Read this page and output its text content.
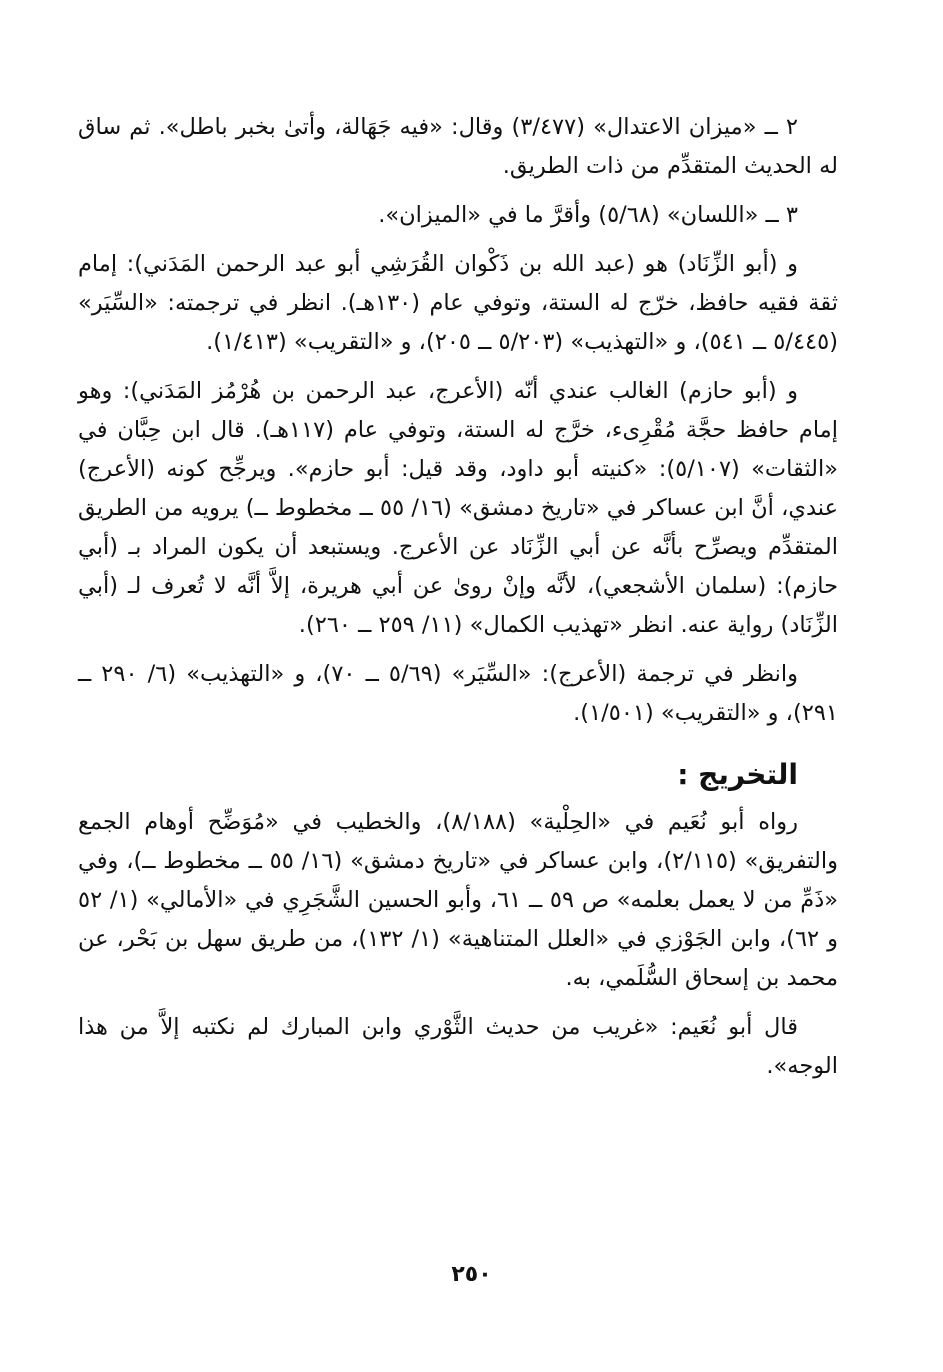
٢ ــ «ميزان الاعتدال» (٣/٤٧٧) وقال: «فيه جَهَالة، وأتىٰ بخبر باطل». ثم ساق له الحديث المتقدِّم من ذات الطريق.

٣ ــ «اللسان» (٥/٦٨) وأقرَّ ما في «الميزان».

و (أبو الزِّنَاد) هو (عبد الله بن ذَكْوان القُرَشِي أبو عبد الرحمن المَدَني): إمام ثقة فقيه حافظ، خرّج له الستة، وتوفي عام (١٣٠هـ). انظر في ترجمته: «السِّيَر» (٥/٤٤٥ ــ ٥٤١)، و «التهذيب» (٥/٢٠٣ ــ ٢٠٥)، و «التقريب» (١/٤١٣).

و (أبو حازم) الغالب عندي أنّه (الأعرج، عبد الرحمن بن هُرْمُز المَدَني): وهو إمام حافظ حجَّة مُقْرِىء، خرَّج له الستة، وتوفي عام (١١٧هـ). قال ابن حِبَّان في «الثقات» (٥/١٠٧): «كنيته أبو داود، وقد قيل: أبو حازم». ويرجِّح كونه (الأعرج) عندي، أنَّ ابن عساكر في «تاريخ دمشق» (١٦/ ٥٥ ــ مخطوط ــ) يرويه من الطريق المتقدِّم ويصرِّح بأنَّه عن أبي الزِّنَاد عن الأعرج. ويستبعد أن يكون المراد بـ (أبي حازم): (سلمان الأشجعي)، لأنَّه وإنْ روىٰ عن أبي هريرة، إلاَّ أنَّه لا تُعرف لـ (أبي الزِّنَاد) رواية عنه. انظر «تهذيب الكمال» (١١/ ٢٥٩ ــ ٢٦٠).

وانظر في ترجمة (الأعرج): «السِّيَر» (٥/٦٩ ــ ٧٠)، و «التهذيب» (٦/ ٢٩٠ ــ ٢٩١)، و «التقريب» (١/٥٠١).

التخريج :

رواه أبو نُعَيم في «الحِلْية» (٨/١٨٨)، والخطيب في «مُوَضِّح أوهام الجمع والتفريق» (٢/١١٥)، وابن عساكر في «تاريخ دمشق» (١٦/ ٥٥ ــ مخطوط ــ)، وفي «ذَمِّ من لا يعمل بعلمه» ص ٥٩ ــ ٦١، وأبو الحسين الشَّجَرِي في «الأمالي» (١/ ٥٢ و ٦٢)، وابن الجَوْزي في «العلل المتناهية» (١/ ١٣٢)، من طريق سهل بن بَحْر، عن محمد بن إسحاق السُّلَمي، به.

قال أبو نُعَيم: «غريب من حديث الثَّوْري وابن المبارك لم نكتبه إلاَّ من هذا الوجه».

٢٥٠
